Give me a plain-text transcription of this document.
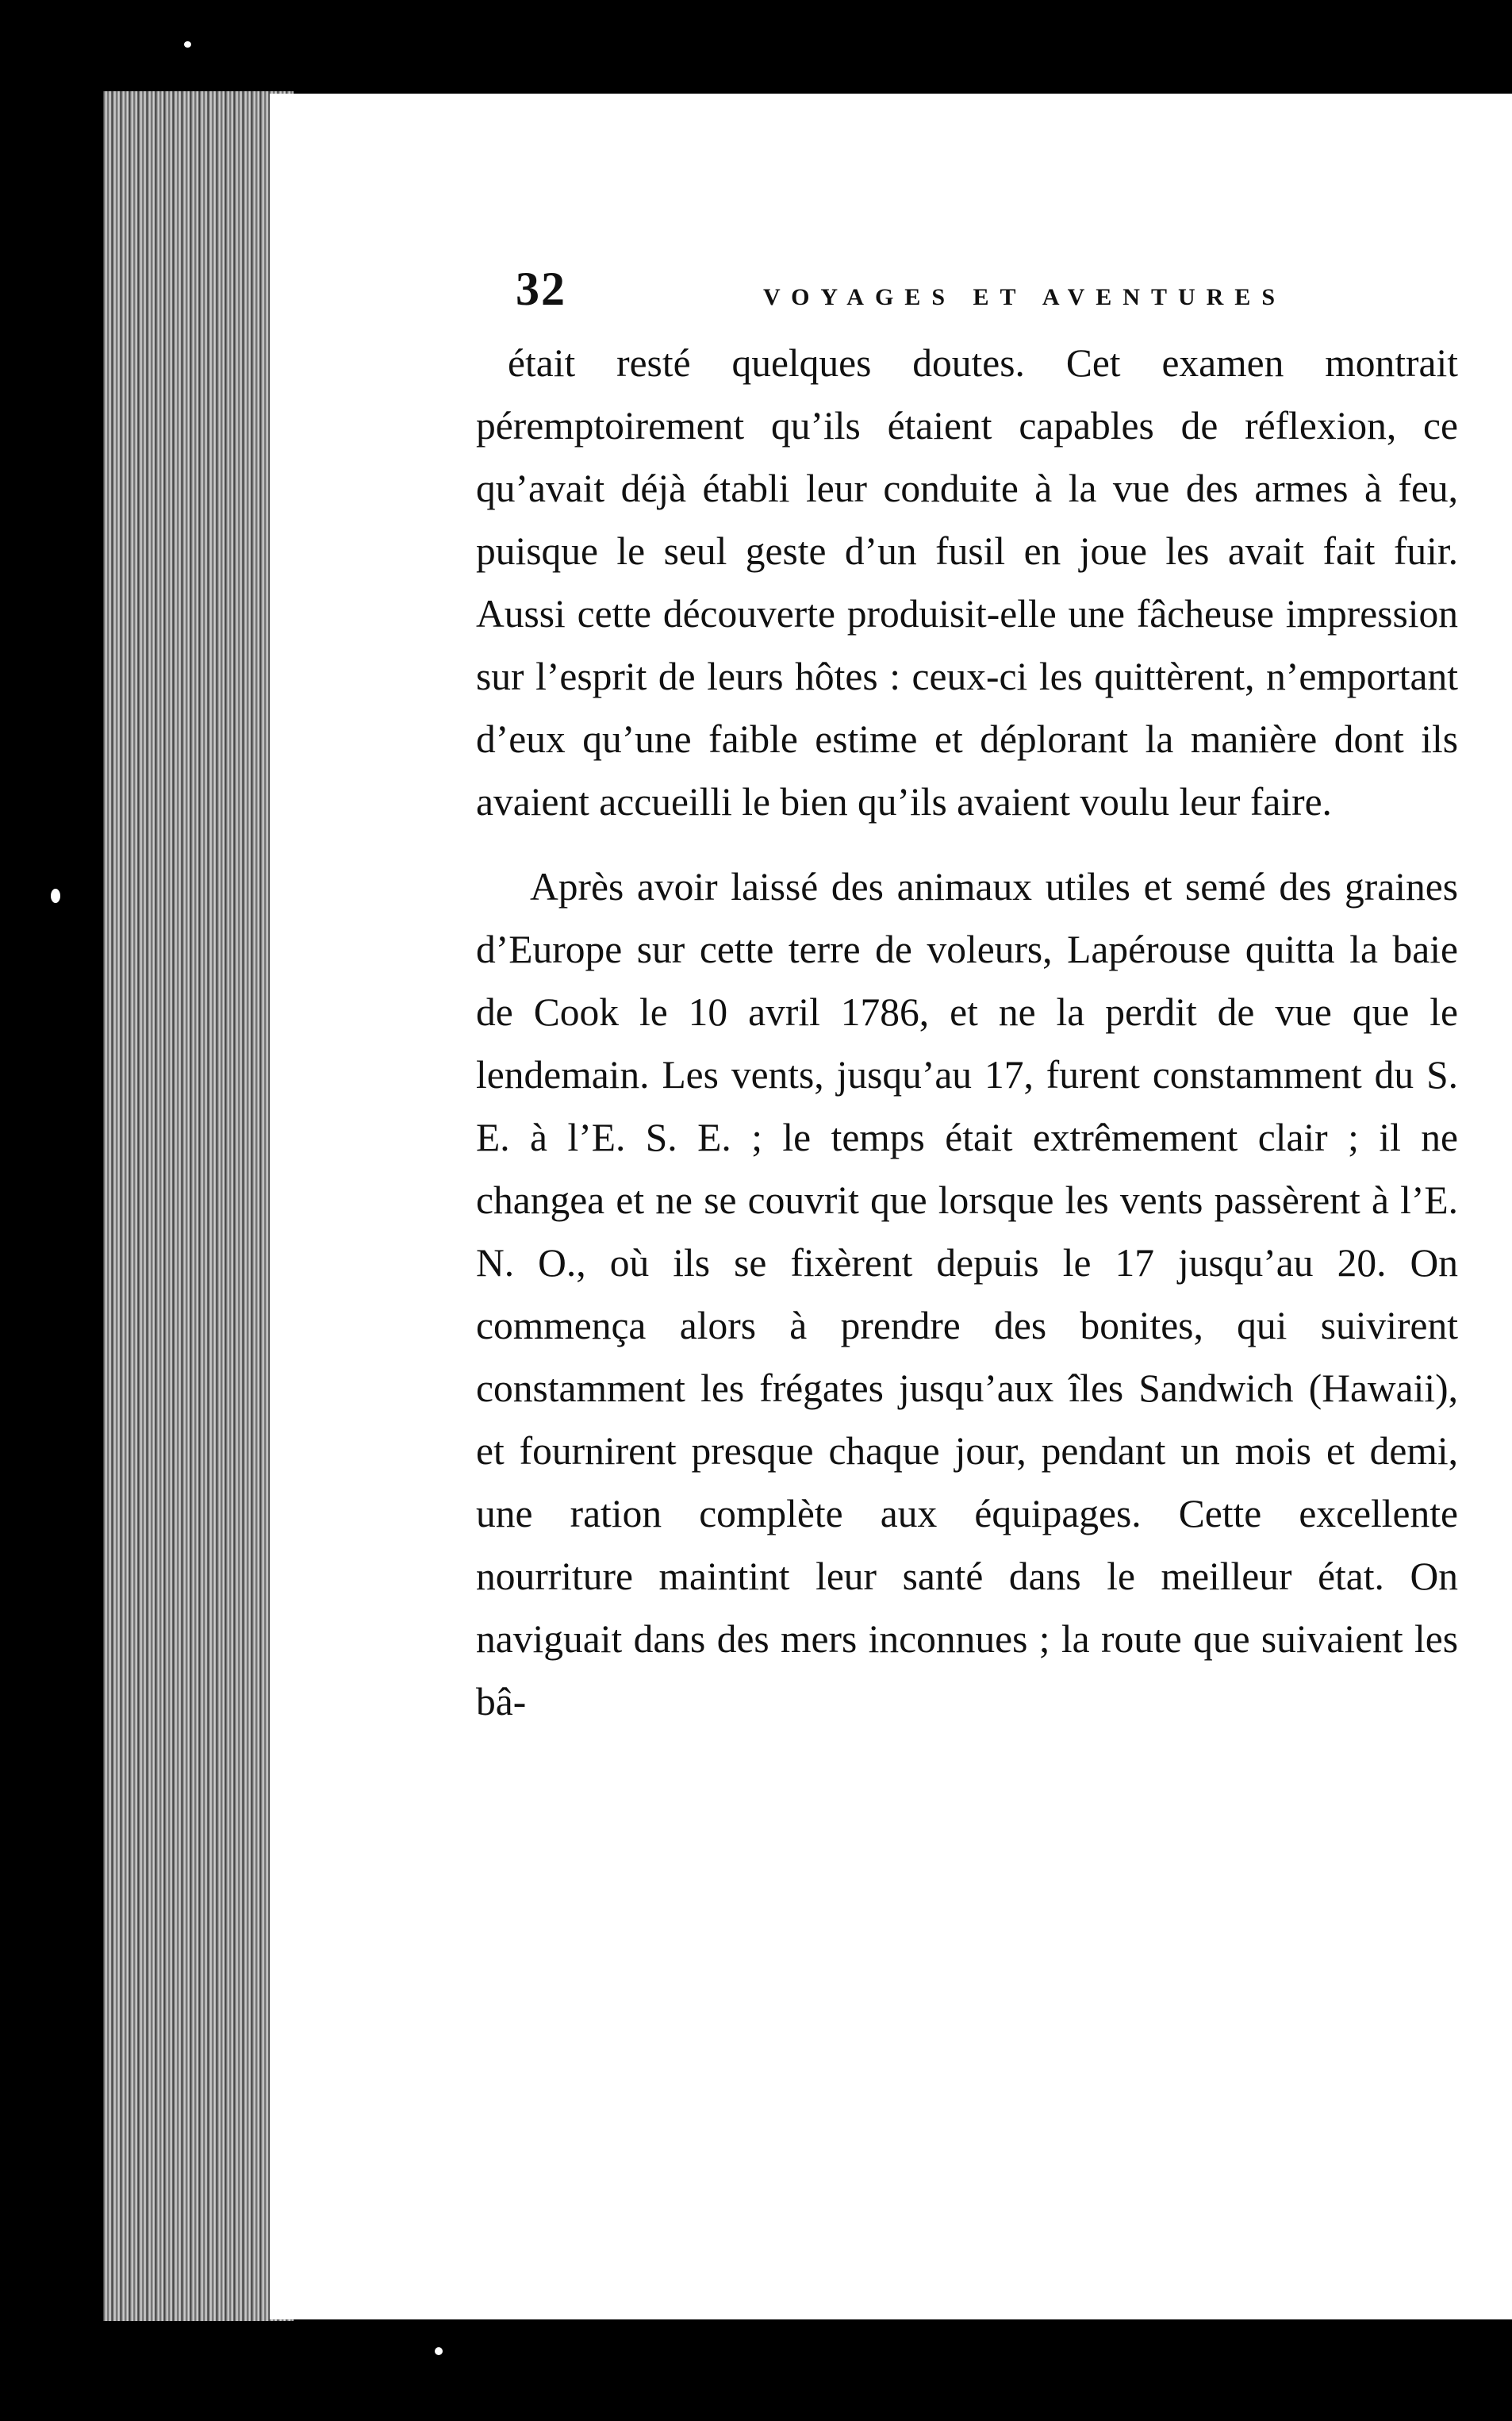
32	VOYAGES ET AVENTURES

était resté quelques doutes. Cet examen montrait péremptoirement qu’ils étaient capables de réflexion, ce qu’avait déjà établi leur conduite à la vue des armes à feu, puisque le seul geste d’un fusil en joue les avait fait fuir. Aussi cette découverte produisit-elle une fâcheuse impression sur l’esprit de leurs hôtes : ceux-ci les quittèrent, n’emportant d’eux qu’une faible estime et déplorant la manière dont ils avaient accueilli le bien qu’ils avaient voulu leur faire.

Après avoir laissé des animaux utiles et semé des graines d’Europe sur cette terre de voleurs, Lapérouse quitta la baie de Cook le 10 avril 1786, et ne la perdit de vue que le lendemain. Les vents, jusqu’au 17, furent constamment du S. E. à l’E. S. E. ; le temps était extrêmement clair ; il ne changea et ne se couvrit que lorsque les vents passèrent à l’E. N. O., où ils se fixèrent depuis le 17 jusqu’au 20. On commença alors à prendre des bonites, qui suivirent constamment les frégates jusqu’aux îles Sandwich (Hawaii), et fournirent presque chaque jour, pendant un mois et demi, une ration complète aux équipages. Cette excellente nourriture maintint leur santé dans le meilleur état. On naviguait dans des mers inconnues ; la route que suivaient les bâ-
